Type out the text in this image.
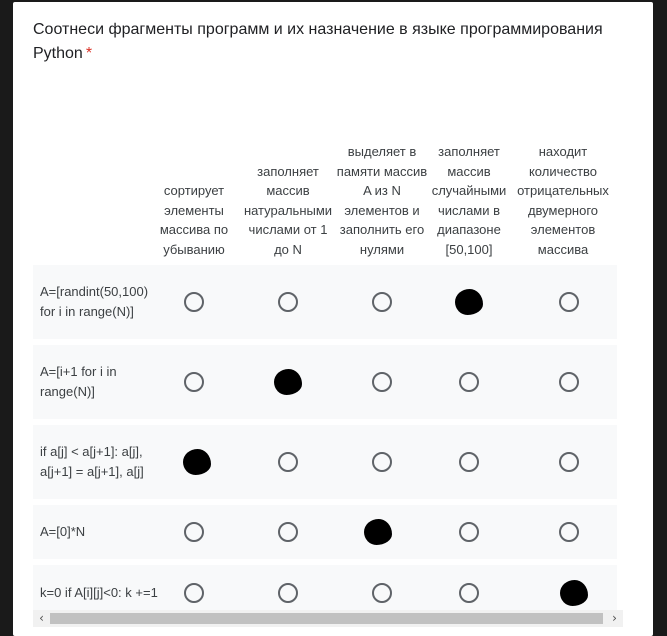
Соотнеси фрагменты программ и их назначение в языке программирования Python *
сортирует элементы массива по убыванию
заполняет массив натуральными числами от 1 до N
выделяет в памяти массив A из N элементов и заполнить его нулями
заполняет массив случайными числами в диапазоне [50,100]
находит количество отрицательных двумерного элементов массива
A=[randint(50,100) for i in range(N)]
A=[i+1 for i in range(N)]
if a[j] < a[j+1]: a[j], a[j+1] = a[j+1], a[j]
A=[0]*N
k=0 if A[i][j]<0: k +=1
‹	›
